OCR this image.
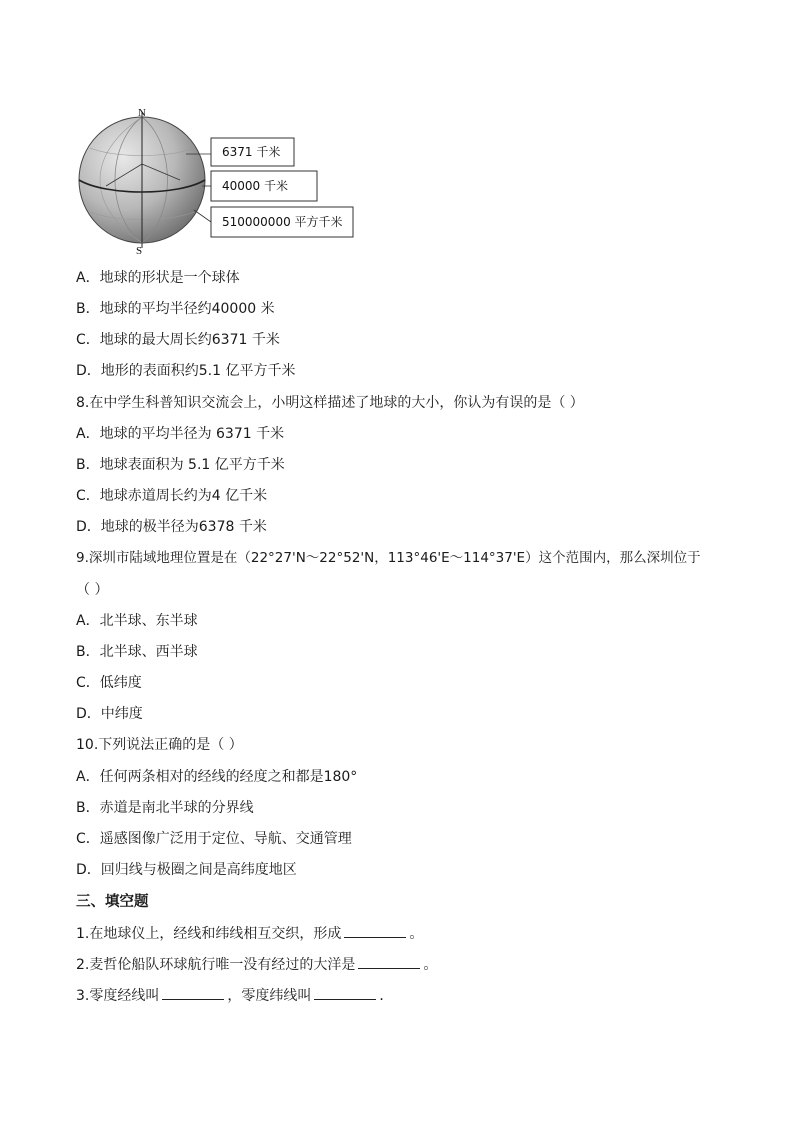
N
S
6371 千米
40000 千米
510000000 平方千米
A．地球的形状是一个球体
B．地球的平均半径约40000 米
C．地球的最大周长约6371 千米
D．地形的表面积约5.1 亿平方千米
8.在中学生科普知识交流会上，小明这样描述了地球的大小，你认为有误的是（ ）
A．地球的平均半径为 6371 千米
B．地球表面积为 5.1 亿平方千米
C．地球赤道周长约为4 亿千米
D．地球的极半径为6378 千米
9.深圳市陆域地理位置是在（22°27'N～22°52'N，113°46'E～114°37'E）这个范围内，那么深圳位于
（ ）
A．北半球、东半球
B．北半球、西半球
C．低纬度
D．中纬度
10.下列说法正确的是（ ）
A．任何两条相对的经线的经度之和都是180°
B．赤道是南北半球的分界线
C．遥感图像广泛用于定位、导航、交通管理
D．回归线与极圈之间是高纬度地区
三、填空题
1.在地球仪上，经线和纬线相互交织，形成	。
2.麦哲伦船队环球航行唯一没有经过的大洋是	。
3.零度经线叫	，零度纬线叫	．
